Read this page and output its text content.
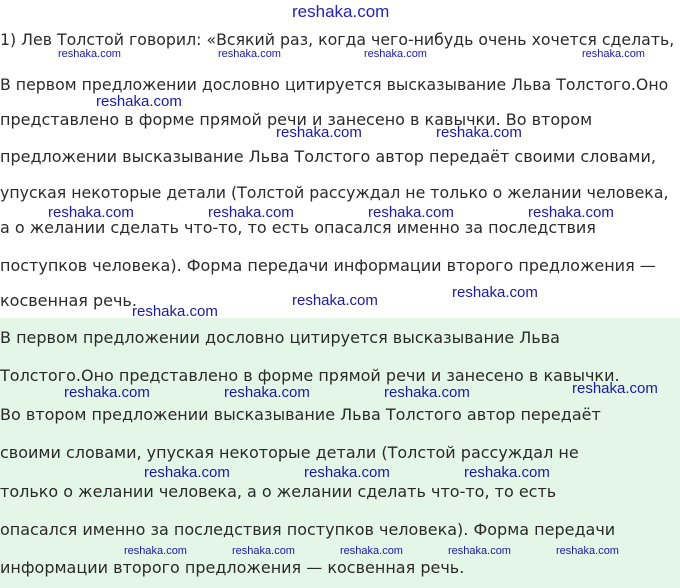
reshaka.com
1) Лев Толстой говорил: «Всякий раз, когда чего-нибудь очень хочется сделать,
В первом предложении дословно цитируется высказывание Льва Толстого.Оно
представлено в форме прямой речи и занесено в кавычки. Во втором
предложении высказывание Льва Толстого автор передаёт своими словами,
упуская некоторые детали (Толстой рассуждал не только о желании человека,
а о желании сделать что-то, то есть опасался именно за последствия
поступков человека). Форма передачи информации второго предложения —
косвенная речь.
В первом предложении дословно цитируется высказывание Льва
Толстого.Оно представлено в форме прямой речи и занесено в кавычки.
Во втором предложении высказывание Льва Толстого автор передаёт
своими словами, упуская некоторые детали (Толстой рассуждал не
только о желании человека, а о желании сделать что-то, то есть
опасался именно за последствия поступков человека). Форма передачи
информации второго предложения — косвенная речь.
reshaka.com	reshaka.com	reshaka.com	reshaka.com
reshaka.com
reshaka.com	reshaka.com
reshaka.com	reshaka.com	reshaka.com	reshaka.com
reshaka.com
reshaka.com
reshaka.com
reshaka.com
reshaka.com	reshaka.com	reshaka.com
reshaka.com	reshaka.com	reshaka.com
reshaka.com	reshaka.com	reshaka.com	reshaka.com	reshaka.com
